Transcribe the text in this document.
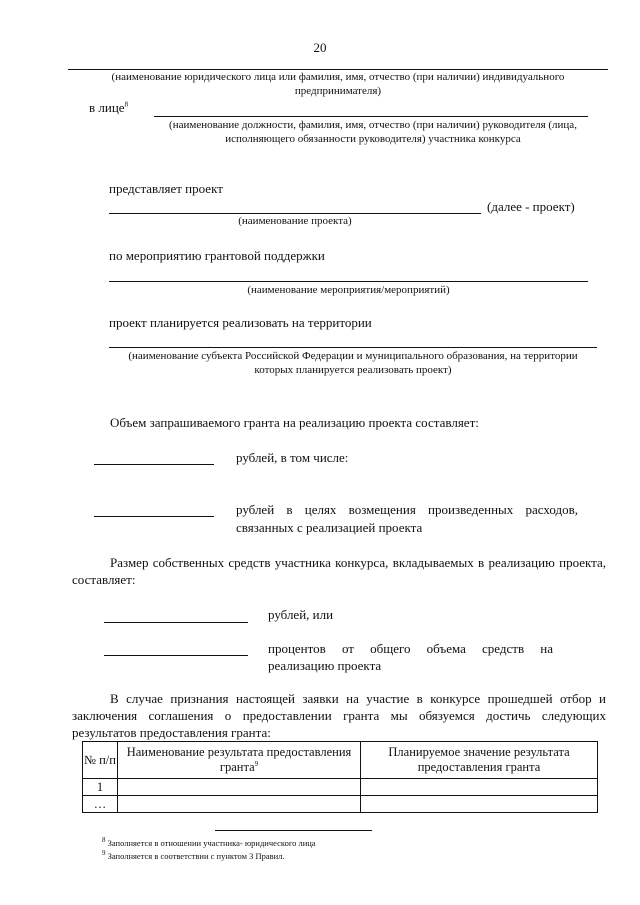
20
(наименование юридического лица или фамилия, имя, отчество (при наличии) индивидуального предпринимателя)
в лице$^8$
(наименование должности, фамилия, имя, отчество (при наличии) руководителя (лица, исполняющего обязанности руководителя) участника конкурса
представляет проект
(далее - проект)
(наименование проекта)
по мероприятию грантовой поддержки
(наименование мероприятия/мероприятий)
проект планируется реализовать на территории
(наименование субъекта Российской Федерации и муниципального образования, на территории которых планируется реализовать проект)
Объем запрашиваемого гранта на реализацию проекта составляет:
рублей, в том числе:
рублей в целях возмещения произведенных расходов, связанных с реализацией проекта
Размер собственных средств участника конкурса, вкладываемых в реализацию проекта, составляет:
рублей, или
процентов от общего объема средств на реализацию проекта
В случае признания настоящей заявки на участие в конкурсе прошедшей отбор и заключения соглашения о предоставлении гранта мы обязуемся достичь следующих результатов предоставления гранта:
№ п/п	Наименование результата предоставления гранта$^9$	Планируемое значение результата предоставления гранта
1		
…		
$^8$ Заполняется в отношении участника- юридического лица
$^9$ Заполняется в соответствии с пунктом 3 Правил.
